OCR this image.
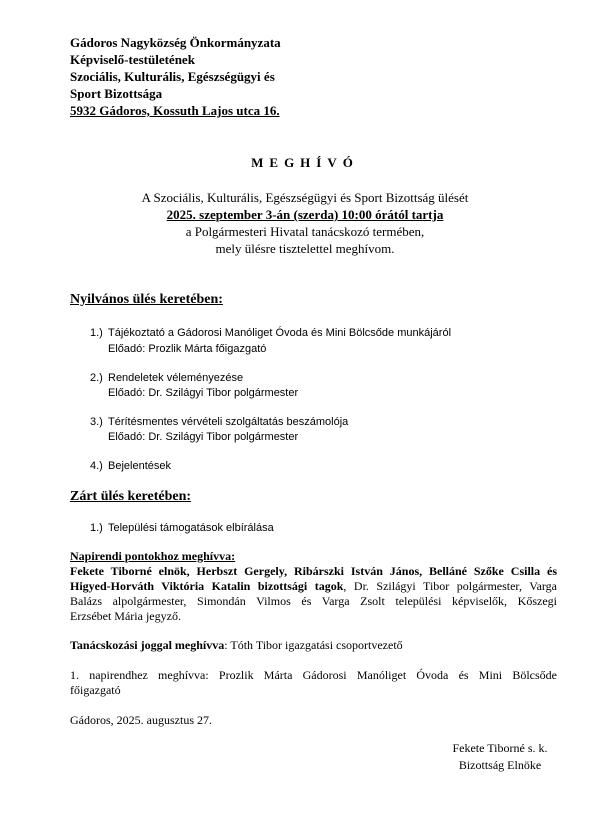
Gádoros Nagyközség Önkormányzata
Képviselő-testületének
Szociális, Kulturális, Egészségügyi és
Sport Bizottsága
5932 Gádoros, Kossuth Lajos utca 16.
MEGHÍVÓ
A Szociális, Kulturális, Egészségügyi és Sport Bizottság ülését
2025. szeptember 3-án (szerda) 10:00 órától tartja
a Polgármesteri Hivatal tanácskozó termében,
mely ülésre tisztelettel meghívom.
Nyilvános ülés keretében:
1.) Tájékoztató a Gádorosi Manóliget Óvoda és Mini Bölcsőde munkájáról
Előadó: Prozlik Márta főigazgató
2.) Rendeletek véleményezése
Előadó: Dr. Szilágyi Tibor polgármester
3.) Térítésmentes vérvételi szolgáltatás beszámolója
Előadó: Dr. Szilágyi Tibor polgármester
4.) Bejelentések
Zárt ülés keretében:
1.) Települési támogatások elbírálása
Napirendi pontokhoz meghívva:
Fekete Tiborné elnök, Herbszt Gergely, Ribárszki István János, Belláné Szőke Csilla és
Higyed-Horváth Viktória Katalin bizottsági tagok, Dr. Szilágyi Tibor polgármester, Varga
Balázs alpolgármester, Simondán Vilmos és Varga Zsolt települési képviselők, Kőszegi
Erzsébet Mária jegyző.
Tanácskozási joggal meghívva: Tóth Tibor igazgatási csoportvezető
1. napirendhez meghívva: Prozlik Márta Gádorosi Manóliget Óvoda és Mini Bölcsőde
főigazgató
Gádoros, 2025. augusztus 27.
Fekete Tiborné s. k.
Bizottság Elnöke
